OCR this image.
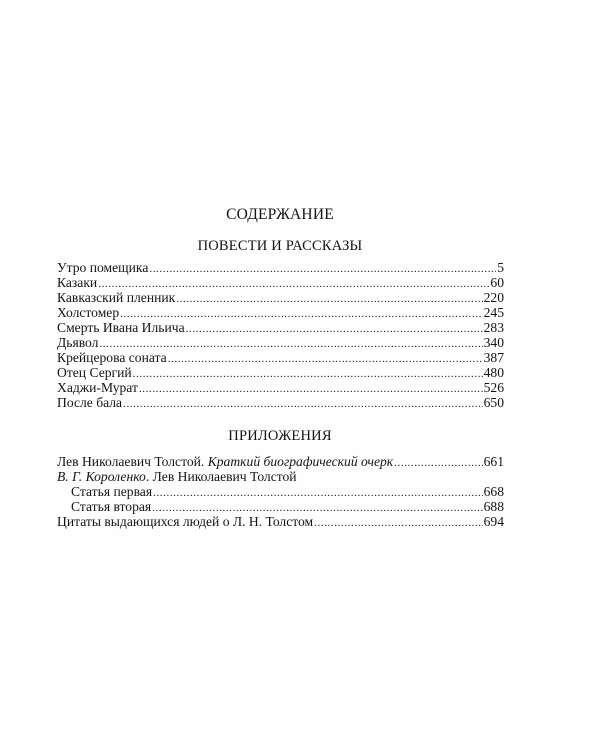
СОДЕРЖАНИЕ
ПОВЕСТИ И РАССКАЗЫ
Утро помещика .....	5
Казаки .....	60
Кавказский пленник .....	220
Холстомер .....	245
Смерть Ивана Ильича .....	283
Дьявол .....	340
Крейцерова соната .....	387
Отец Сергий .....	480
Хаджи-Мурат .....	526
После бала .....	650
ПРИЛОЖЕНИЯ
Лев Николаевич Толстой. Краткий биографический очерк .....	661
В. Г. Короленко. Лев Николаевич Толстой
Статья первая .....	668
Статья вторая .....	688
Цитаты выдающихся людей о Л. Н. Толстом .....	694
